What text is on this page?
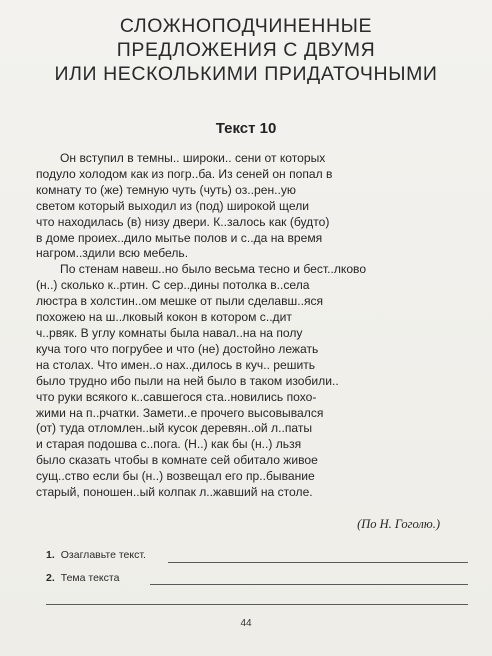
СЛОЖНОПОДЧИНЕННЫЕ
ПРЕДЛОЖЕНИЯ С ДВУМЯ
ИЛИ НЕСКОЛЬКИМИ ПРИДАТОЧНЫМИ
Текст 10

Он вступил в темны.. широки.. сени от которых

подуло холодом как из погр..ба. Из сеней он попал в

комнату то (же) темную чуть (чуть) оз..рен..ую

светом который выходил из (под) широкой щели

что находилась (в) низу двери. К..залось как (будто)

в доме проиех..дило мытье полов и с..да на время

нагром..здили всю мебель.

По стенам навеш..но было весьма тесно и бест..лково

(н..) сколько к..ртин. С сер..дины потолка в..села

люстра в холстин..ом мешке от пыли сделавш..яся

похожею на ш..лковый кокон в котором с..дит

ч..рвяк. В углу комнаты была навал..на на полу

куча того что погрубее и что (не) достойно лежать

на столах. Что имен..о нах..дилось в куч.. решить

было трудно ибо пыли на ней было в таком изобили..

что руки всякого к..савшегося ста..новились похо-

жими на п..рчатки. Замети..е прочего высовывался

(от) туда отломлен..ый кусок деревян..ой л..паты

и старая подошва с..пога. (Н..) как бы (н..) льзя

было сказать чтобы в комнате сей обитало живое

сущ..ство если бы (н..) возвещал его пр..бывание

старый, поношен..ый колпак л..жавший на столе.

(По Н. Гоголю.)
1. Озаглавьте текст.
2. Тема текста
44
